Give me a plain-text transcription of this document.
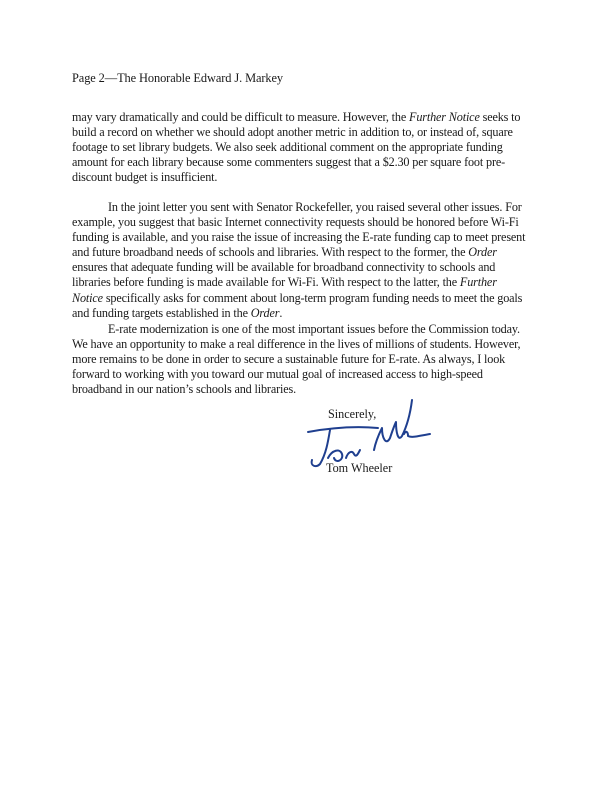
Page 2—The Honorable Edward J. Markey
may vary dramatically and could be difficult to measure. However, the Further Notice seeks to
build a record on whether we should adopt another metric in addition to, or instead of, square
footage to set library budgets. We also seek additional comment on the appropriate funding
amount for each library because some commenters suggest that a $2.30 per square foot pre-
discount budget is insufficient.
In the joint letter you sent with Senator Rockefeller, you raised several other issues. For
example, you suggest that basic Internet connectivity requests should be honored before Wi-Fi
funding is available, and you raise the issue of increasing the E-rate funding cap to meet present
and future broadband needs of schools and libraries. With respect to the former, the Order
ensures that adequate funding will be available for broadband connectivity to schools and
libraries before funding is made available for Wi-Fi. With respect to the latter, the Further
Notice specifically asks for comment about long-term program funding needs to meet the goals
and funding targets established in the Order.
E-rate modernization is one of the most important issues before the Commission today.
We have an opportunity to make a real difference in the lives of millions of students. However,
more remains to be done in order to secure a sustainable future for E-rate. As always, I look
forward to working with you toward our mutual goal of increased access to high-speed
broadband in our nation’s schools and libraries.
Sincerely,
Tom Wheeler
